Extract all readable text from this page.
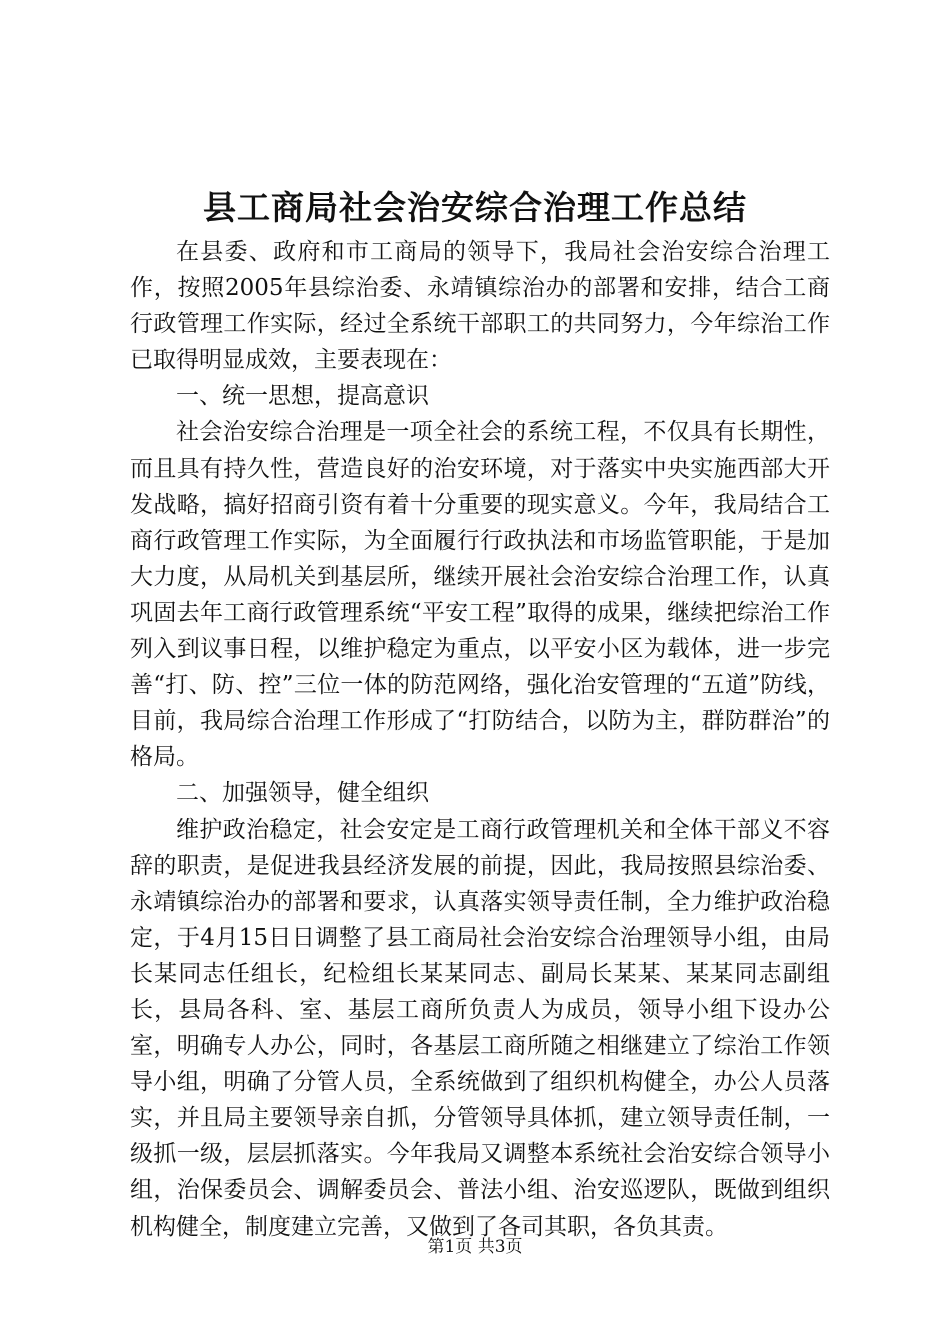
县工商局社会治安综合治理工作总结

在县委、政府和市工商局的领导下，我局社会治安综合治理工作，按照2005年县综治委、永靖镇综治办的部署和安排，结合工商行政管理工作实际，经过全系统干部职工的共同努力，今年综治工作已取得明显成效，主要表现在：

一、统一思想，提高意识

社会治安综合治理是一项全社会的系统工程，不仅具有长期性，而且具有持久性，营造良好的治安环境，对于落实中央实施西部大开发战略，搞好招商引资有着十分重要的现实意义。今年，我局结合工商行政管理工作实际，为全面履行行政执法和市场监管职能，于是加大力度，从局机关到基层所，继续开展社会治安综合治理工作，认真巩固去年工商行政管理系统“平安工程”取得的成果，继续把综治工作列入到议事日程，以维护稳定为重点，以平安小区为载体，进一步完善“打、防、控”三位一体的防范网络，强化治安管理的“五道”防线，目前，我局综合治理工作形成了“打防结合，以防为主，群防群治”的格局。

二、加强领导，健全组织

维护政治稳定，社会安定是工商行政管理机关和全体干部义不容辞的职责，是促进我县经济发展的前提，因此，我局按照县综治委、永靖镇综治办的部署和要求，认真落实领导责任制，全力维护政治稳定，于4月15日日调整了县工商局社会治安综合治理领导小组，由局长某同志任组长，纪检组长某某同志、副局长某某、某某同志副组长，县局各科、室、基层工商所负责人为成员，领导小组下设办公室，明确专人办公，同时，各基层工商所随之相继建立了综治工作领导小组，明确了分管人员，全系统做到了组织机构健全，办公人员落实，并且局主要领导亲自抓，分管领导具体抓，建立领导责任制，一级抓一级，层层抓落实。今年我局又调整本系统社会治安综合领导小组，治保委员会、调解委员会、普法小组、治安巡逻队，既做到组织机构健全，制度建立完善，又做到了各司其职，各负其责。

第1页 共3页
